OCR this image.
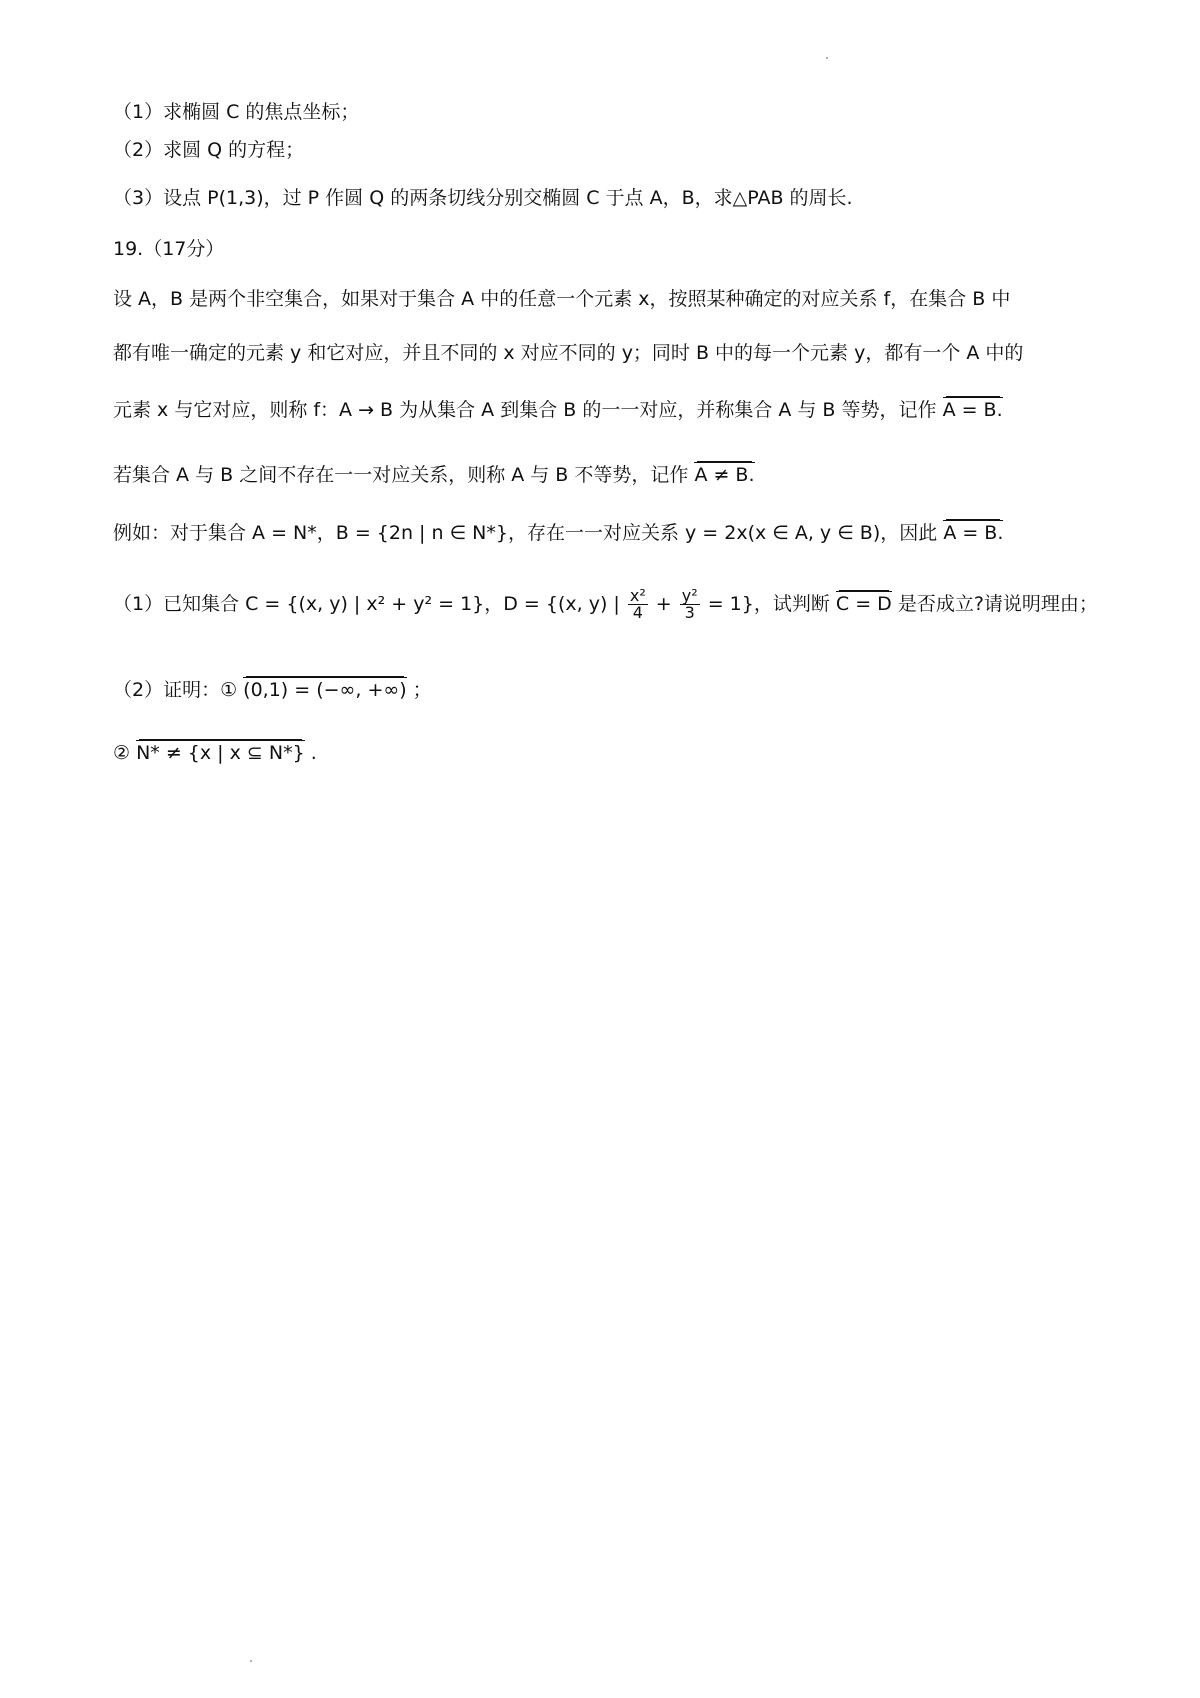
（1）求椭圆 C 的焦点坐标；
（2）求圆 Q 的方程；
（3）设点 P(1,3)，过 P 作圆 Q 的两条切线分别交椭圆 C 于点 A，B，求△PAB 的周长.
19.（17分）
设 A，B 是两个非空集合，如果对于集合 A 中的任意一个元素 x，按照某种确定的对应关系 f，在集合 B 中
都有唯一确定的元素 y 和它对应，并且不同的 x 对应不同的 y；同时 B 中的每一个元素 y，都有一个 A 中的
元素 x 与它对应，则称 f：A → B 为从集合 A 到集合 B 的一一对应，并称集合 A 与 B 等势，记作 A = B.
若集合 A 与 B 之间不存在一一对应关系，则称 A 与 B 不等势，记作 A ≠ B.
例如：对于集合 A = N*，B = {2n | n ∈ N*}，存在一一对应关系 y = 2x(x ∈ A, y ∈ B)，因此 A = B.
（1）已知集合 C = {(x, y) | x² + y² = 1}，D = {(x, y) | $\frac{\text{x²}}{4} + \frac{\text{y²}}{3} = 1$}，试判断 C = D 是否成立?请说明理由；
（2）证明：① (0,1) = (−∞, +∞) ；
② N* ≠ {x | x ⊆ N*} .
